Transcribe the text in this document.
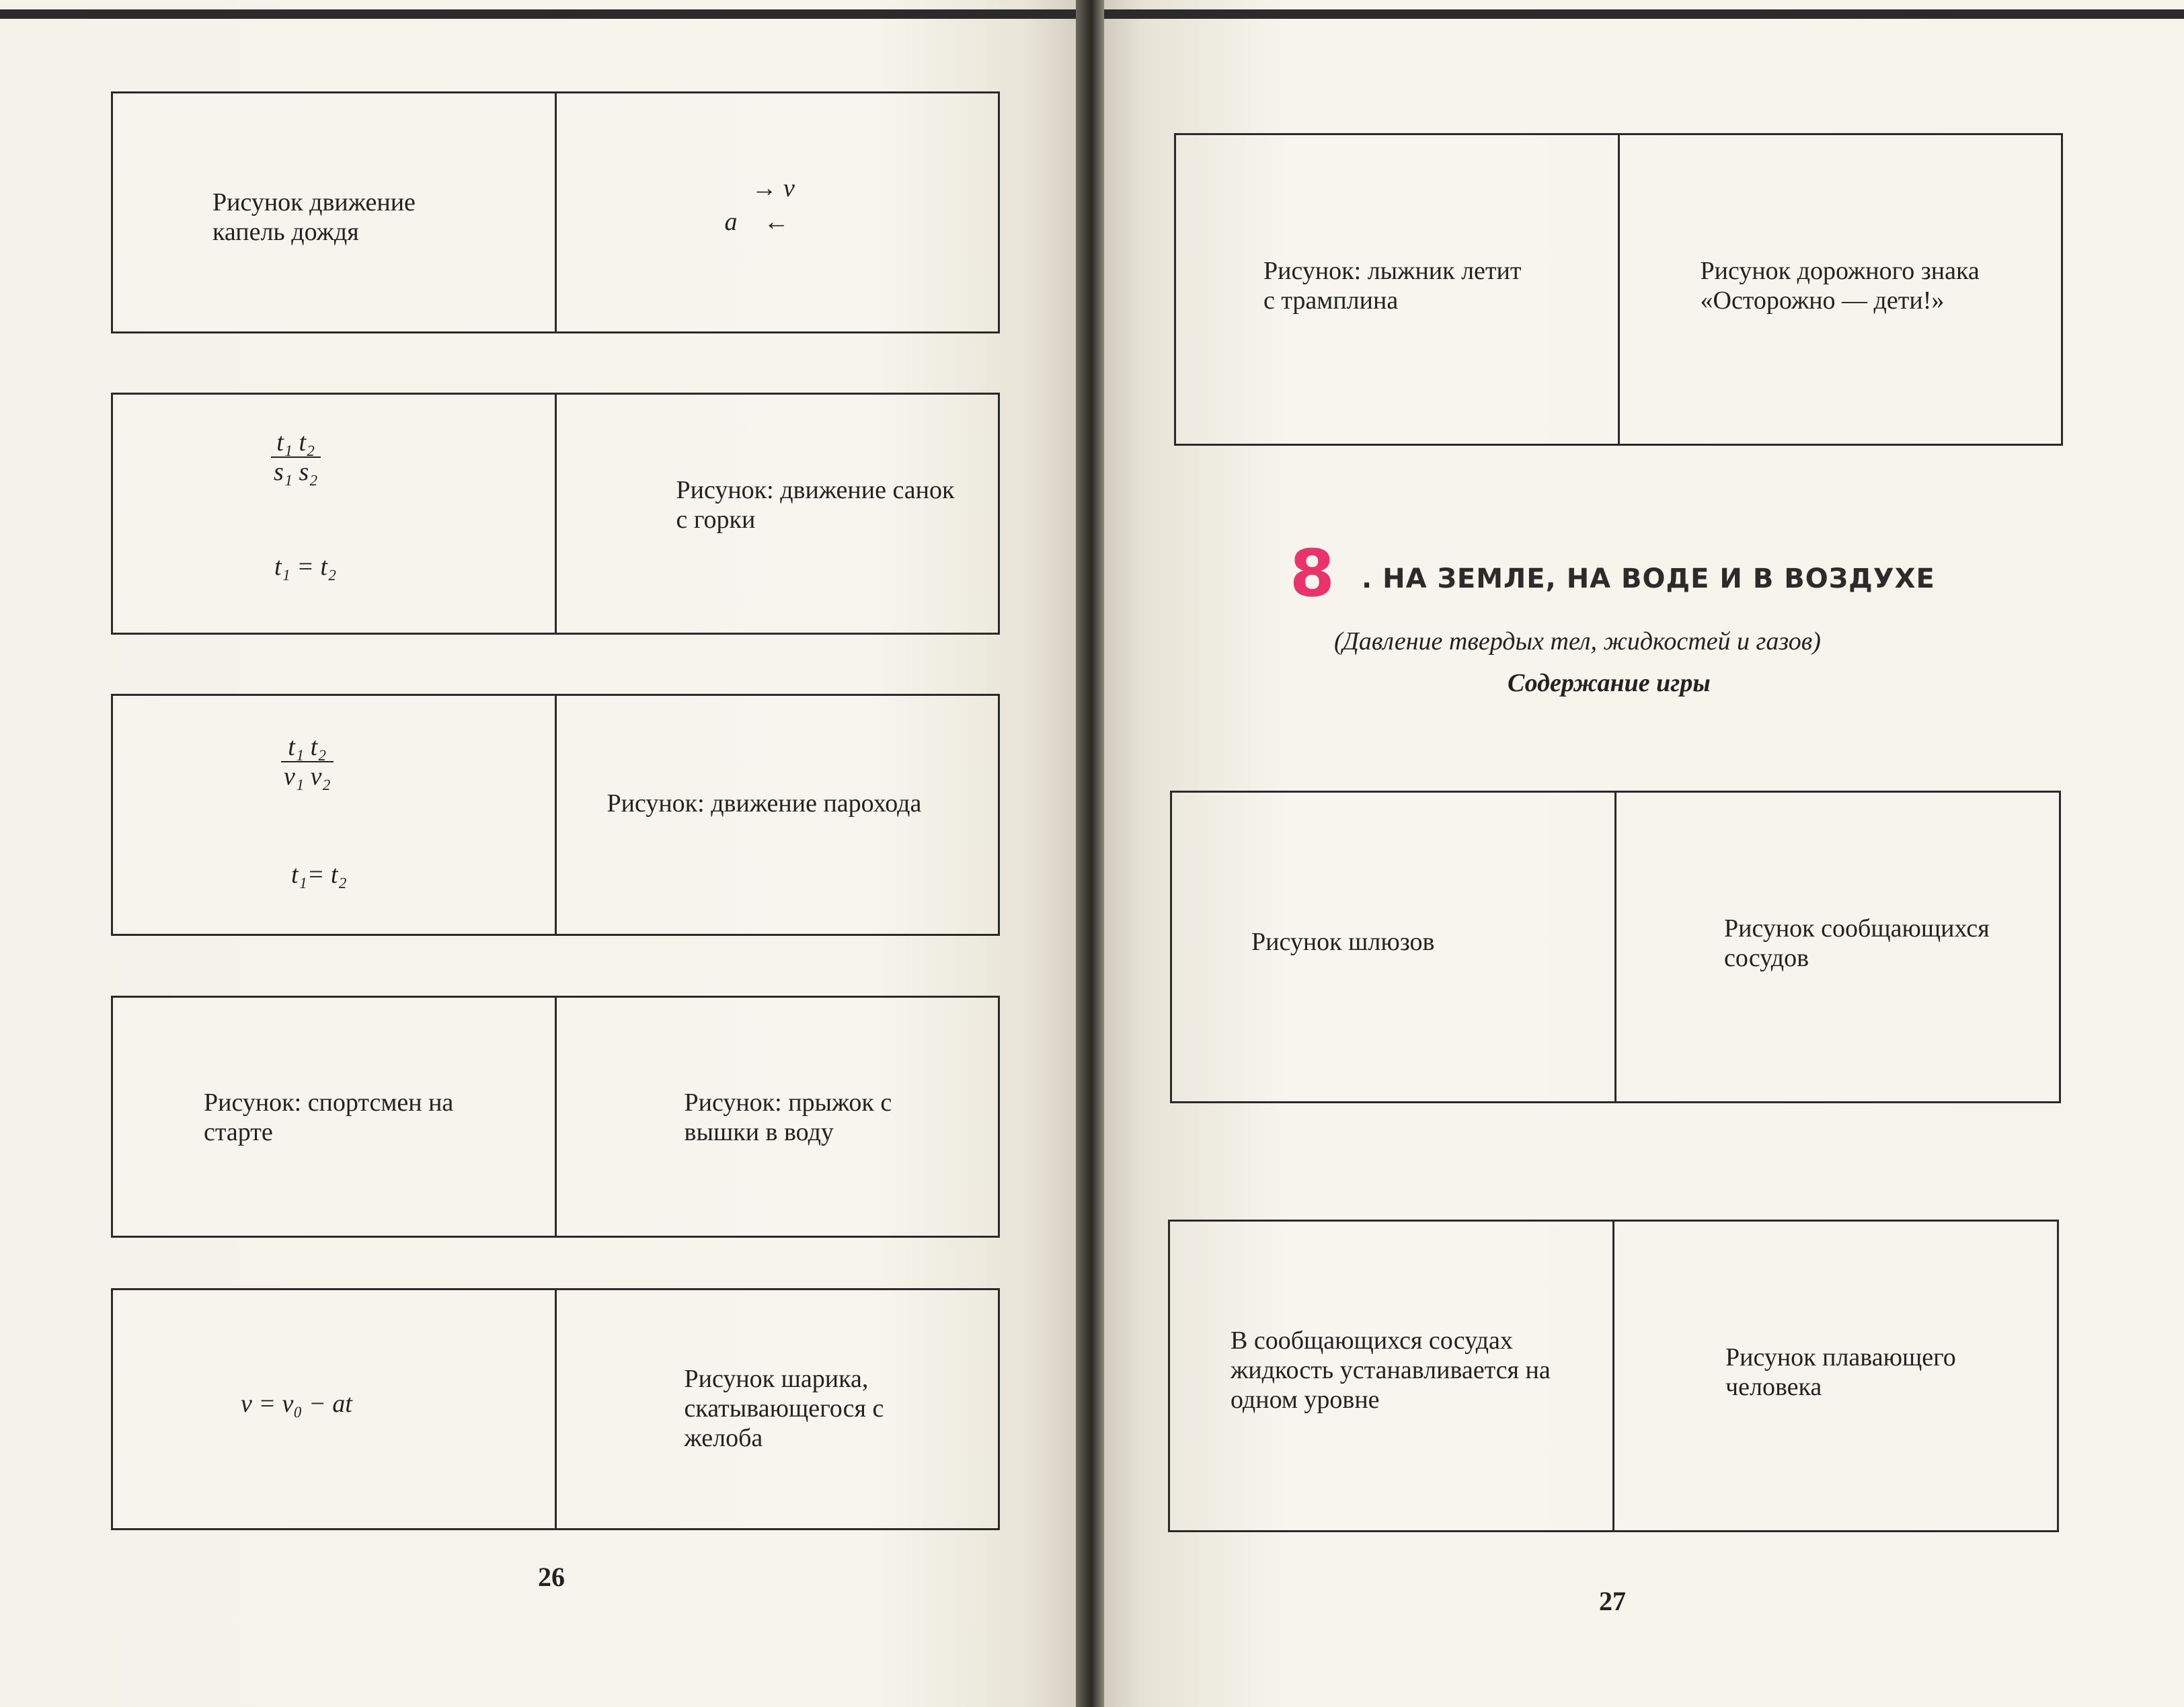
Рисунок движение капель дождя
→ v⃗
a⃗ ←
$\frac{\text{t₁ t₂}}{\text{s₁ s₂}}$
t₁ = t₂
Рисунок: движение санок с горки
$\frac{\text{t₁ t₂}}{\text{v₁ v₂}}$
t₁= t₂
Рисунок: движение парохода
Рисунок: спортсмен на старте
Рисунок: прыжок с вышки в воду
v = v₀ − at
Рисунок шарика, скатывающегося с желоба
26
Рисунок: лыжник летит с трамплина
Рисунок дорожного знака «Осторожно — дети!»
8 . НА ЗЕМЛЕ, НА ВОДЕ И В ВОЗДУХЕ
(Давление твердых тел, жидкостей и газов)
Содержание игры
Рисунок шлюзов	Рисунок сообщающихся сосудов
В сообщающихся сосудах жидкость устанавливается на одном уровне
Рисунок плавающего человека
27
